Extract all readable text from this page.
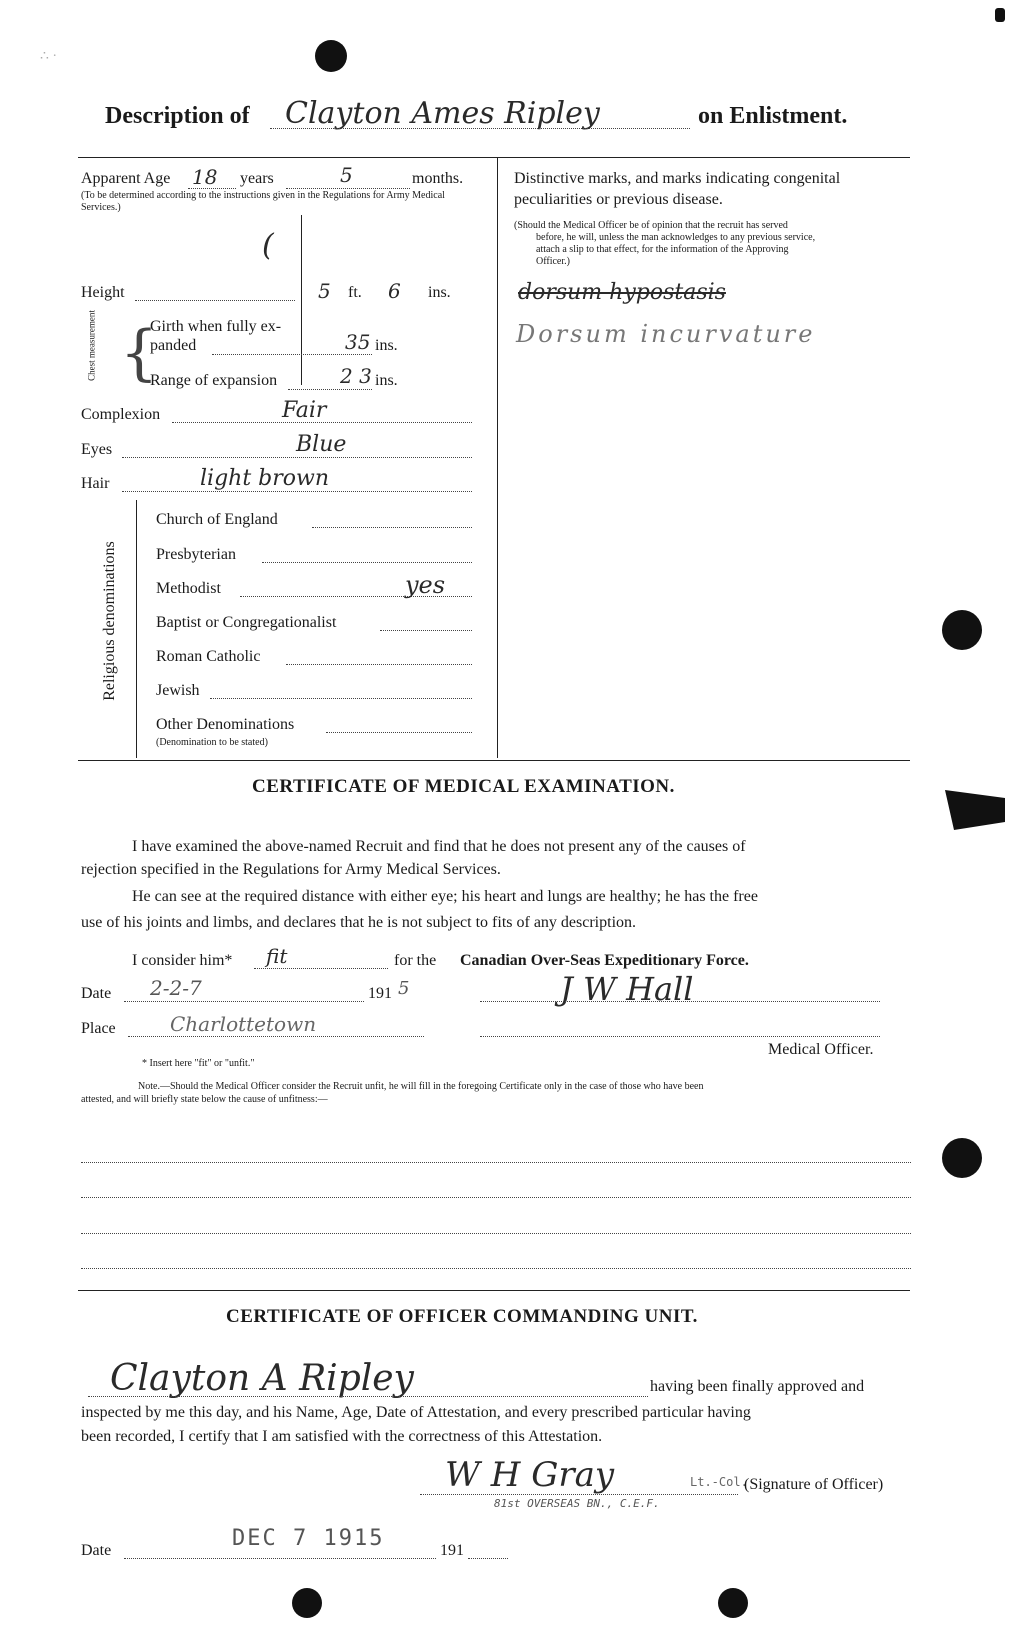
Description of Clayton Ames Ripley	on Enlistment.
Apparent Age 18 years	5	months.
(To be determined according to the instructions given in the Regulations for Army Medical Services.)
(
Height	5 ft. 6 ins.
Chest measurement {
Girth when fully ex-
panded	35 ins.
Range of expansion	2 3 ins.
Complexion	Fair
Eyes	Blue
Hair	light brown
Religious denominations
Church of England
Presbyterian
Methodist	yes
Baptist or Congregationalist
Roman Catholic
Jewish
Other Denominations
(Denomination to be stated)
Distinctive marks, and marks indicating congenital
peculiarities or previous disease.
(Should the Medical Officer be of opinion that the recruit has served
before, he will, unless the man acknowledges to any previous service,
attach a slip to that effect, for the information of the Approving
Officer.)
dorsum hypostasis
Dorsum incurvature
CERTIFICATE OF MEDICAL EXAMINATION.
I have examined the above-named Recruit and find that he does not present any of the causes of
rejection specified in the Regulations for Army Medical Services.
He can see at the required distance with either eye; his heart and lungs are healthy; he has the free
use of his joints and limbs, and declares that he is not subject to fits of any description.
I consider him* fit	for the Canadian Over-Seas Expeditionary Force.
Date 2-2-7	191 5	J W Hall
Place	Charlottetown
Medical Officer.
* Insert here "fit" or "unfit."
Note.—Should the Medical Officer consider the Recruit unfit, he will fill in the foregoing Certificate only in the case of those who have been
attested, and will briefly state below the cause of unfitness:—
CERTIFICATE OF OFFICER COMMANDING UNIT.
Clayton A Ripley	having been finally approved and
inspected by me this day, and his Name, Age, Date of Attestation, and every prescribed particular having
been recorded, I certify that I am satisfied with the correctness of this Attestation.
W H Gray	Lt.-Col.
(Signature of Officer)
81st OVERSEAS BN., C.E.F.
Date	DEC 7 1915	191
∴ ·
